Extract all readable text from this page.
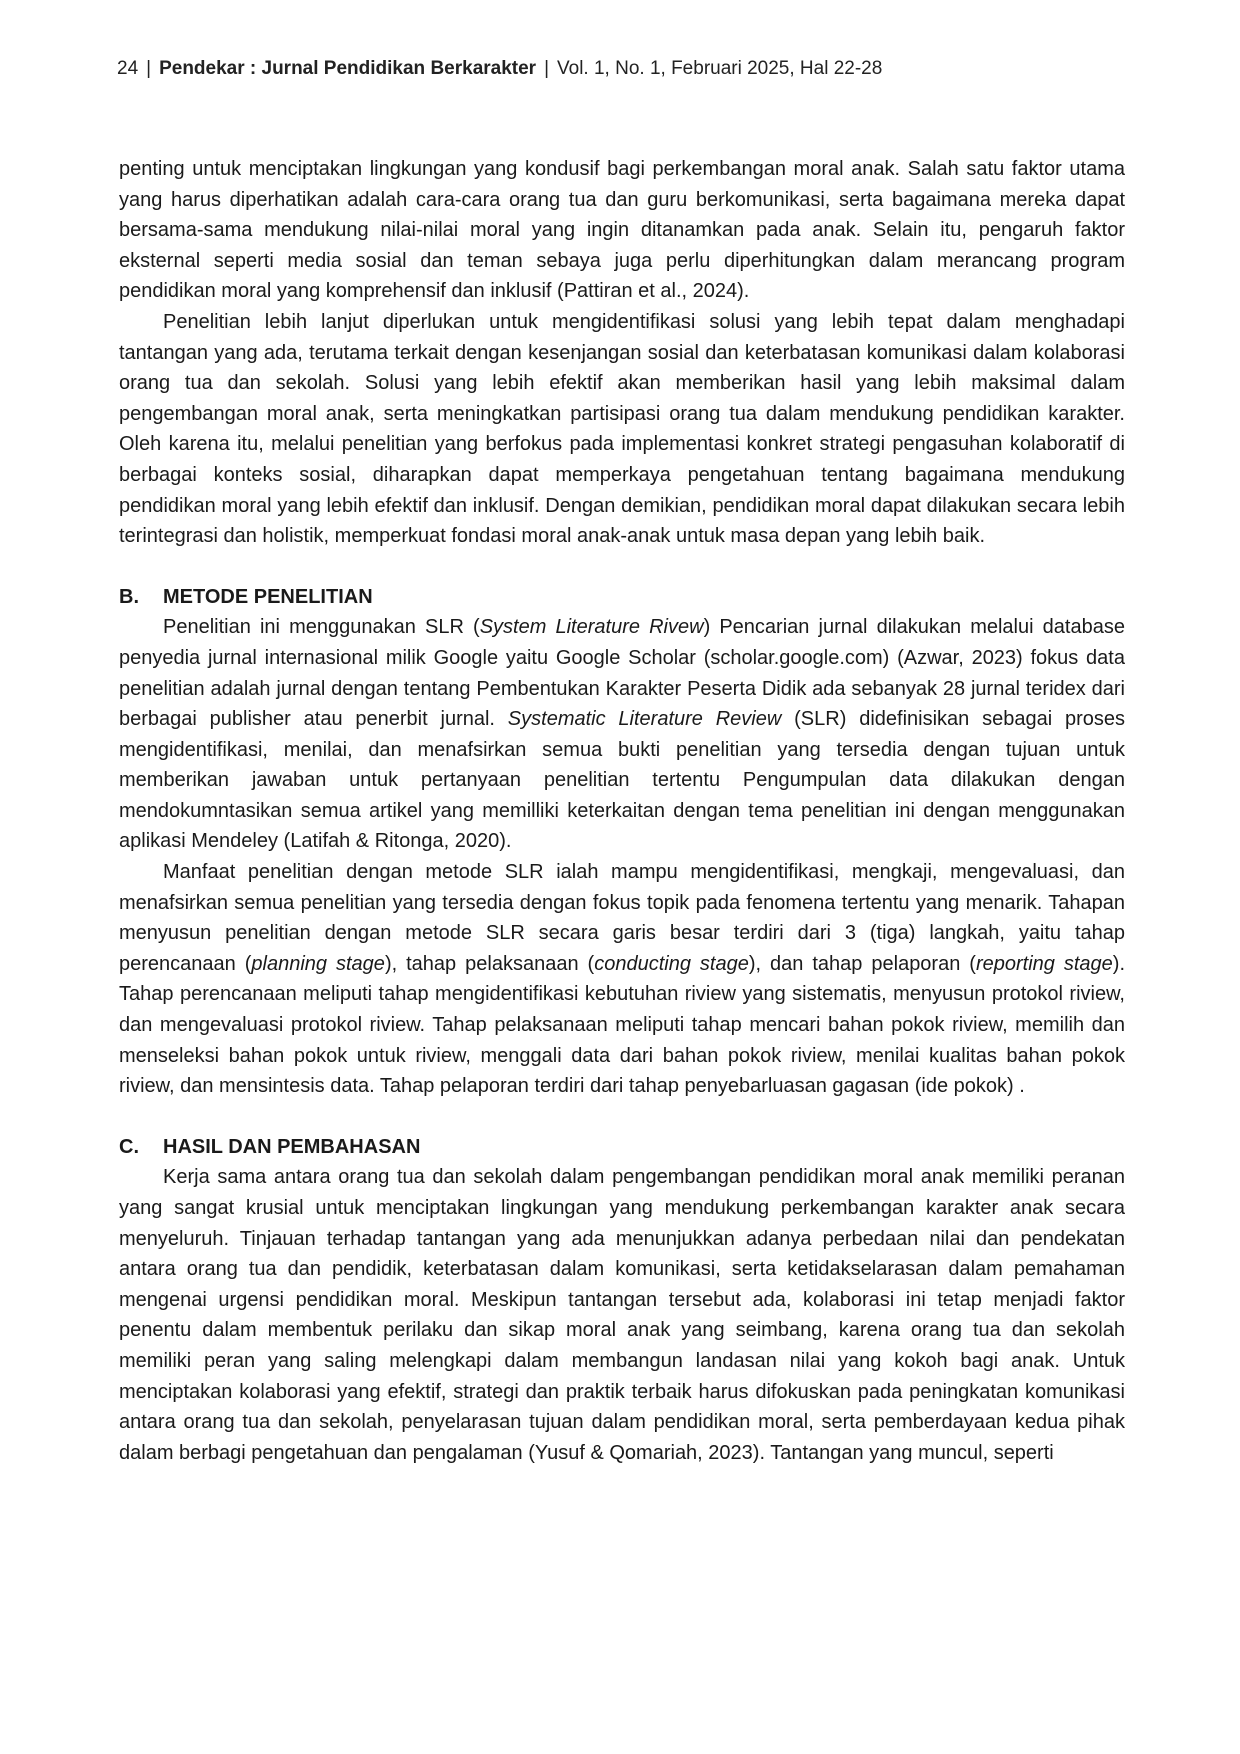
24 | Pendekar : Jurnal Pendidikan Berkarakter | Vol. 1, No. 1, Februari 2025, Hal 22-28

penting untuk menciptakan lingkungan yang kondusif bagi perkembangan moral anak. Salah satu faktor utama yang harus diperhatikan adalah cara-cara orang tua dan guru berkomunikasi, serta bagaimana mereka dapat bersama-sama mendukung nilai-nilai moral yang ingin ditanamkan pada anak. Selain itu, pengaruh faktor eksternal seperti media sosial dan teman sebaya juga perlu diperhitungkan dalam merancang program pendidikan moral yang komprehensif dan inklusif (Pattiran et al., 2024).

Penelitian lebih lanjut diperlukan untuk mengidentifikasi solusi yang lebih tepat dalam menghadapi tantangan yang ada, terutama terkait dengan kesenjangan sosial dan keterbatasan komunikasi dalam kolaborasi orang tua dan sekolah. Solusi yang lebih efektif akan memberikan hasil yang lebih maksimal dalam pengembangan moral anak, serta meningkatkan partisipasi orang tua dalam mendukung pendidikan karakter. Oleh karena itu, melalui penelitian yang berfokus pada implementasi konkret strategi pengasuhan kolaboratif di berbagai konteks sosial, diharapkan dapat memperkaya pengetahuan tentang bagaimana mendukung pendidikan moral yang lebih efektif dan inklusif. Dengan demikian, pendidikan moral dapat dilakukan secara lebih terintegrasi dan holistik, memperkuat fondasi moral anak-anak untuk masa depan yang lebih baik.

B. METODE PENELITIAN

Penelitian ini menggunakan SLR (System Literature Rivew) Pencarian jurnal dilakukan melalui database penyedia jurnal internasional milik Google yaitu Google Scholar (scholar.google.com) (Azwar, 2023) fokus data penelitian adalah jurnal dengan tentang Pembentukan Karakter Peserta Didik ada sebanyak 28 jurnal teridex dari berbagai publisher atau penerbit jurnal. Systematic Literature Review (SLR) didefinisikan sebagai proses mengidentifikasi, menilai, dan menafsirkan semua bukti penelitian yang tersedia dengan tujuan untuk memberikan jawaban untuk pertanyaan penelitian tertentu Pengumpulan data dilakukan dengan mendokumntasikan semua artikel yang memilliki keterkaitan dengan tema penelitian ini dengan menggunakan aplikasi Mendeley (Latifah & Ritonga, 2020).

Manfaat penelitian dengan metode SLR ialah mampu mengidentifikasi, mengkaji, mengevaluasi, dan menafsirkan semua penelitian yang tersedia dengan fokus topik pada fenomena tertentu yang menarik. Tahapan menyusun penelitian dengan metode SLR secara garis besar terdiri dari 3 (tiga) langkah, yaitu tahap perencanaan (planning stage), tahap pelaksanaan (conducting stage), dan tahap pelaporan (reporting stage). Tahap perencanaan meliputi tahap mengidentifikasi kebutuhan riview yang sistematis, menyusun protokol riview, dan mengevaluasi protokol riview. Tahap pelaksanaan meliputi tahap mencari bahan pokok riview, memilih dan menseleksi bahan pokok untuk riview, menggali data dari bahan pokok riview, menilai kualitas bahan pokok riview, dan mensintesis data. Tahap pelaporan terdiri dari tahap penyebarluasan gagasan (ide pokok) .

C. HASIL DAN PEMBAHASAN

Kerja sama antara orang tua dan sekolah dalam pengembangan pendidikan moral anak memiliki peranan yang sangat krusial untuk menciptakan lingkungan yang mendukung perkembangan karakter anak secara menyeluruh. Tinjauan terhadap tantangan yang ada menunjukkan adanya perbedaan nilai dan pendekatan antara orang tua dan pendidik, keterbatasan dalam komunikasi, serta ketidakselarasan dalam pemahaman mengenai urgensi pendidikan moral. Meskipun tantangan tersebut ada, kolaborasi ini tetap menjadi faktor penentu dalam membentuk perilaku dan sikap moral anak yang seimbang, karena orang tua dan sekolah memiliki peran yang saling melengkapi dalam membangun landasan nilai yang kokoh bagi anak. Untuk menciptakan kolaborasi yang efektif, strategi dan praktik terbaik harus difokuskan pada peningkatan komunikasi antara orang tua dan sekolah, penyelarasan tujuan dalam pendidikan moral, serta pemberdayaan kedua pihak dalam berbagi pengetahuan dan pengalaman (Yusuf & Qomariah, 2023). Tantangan yang muncul, seperti
